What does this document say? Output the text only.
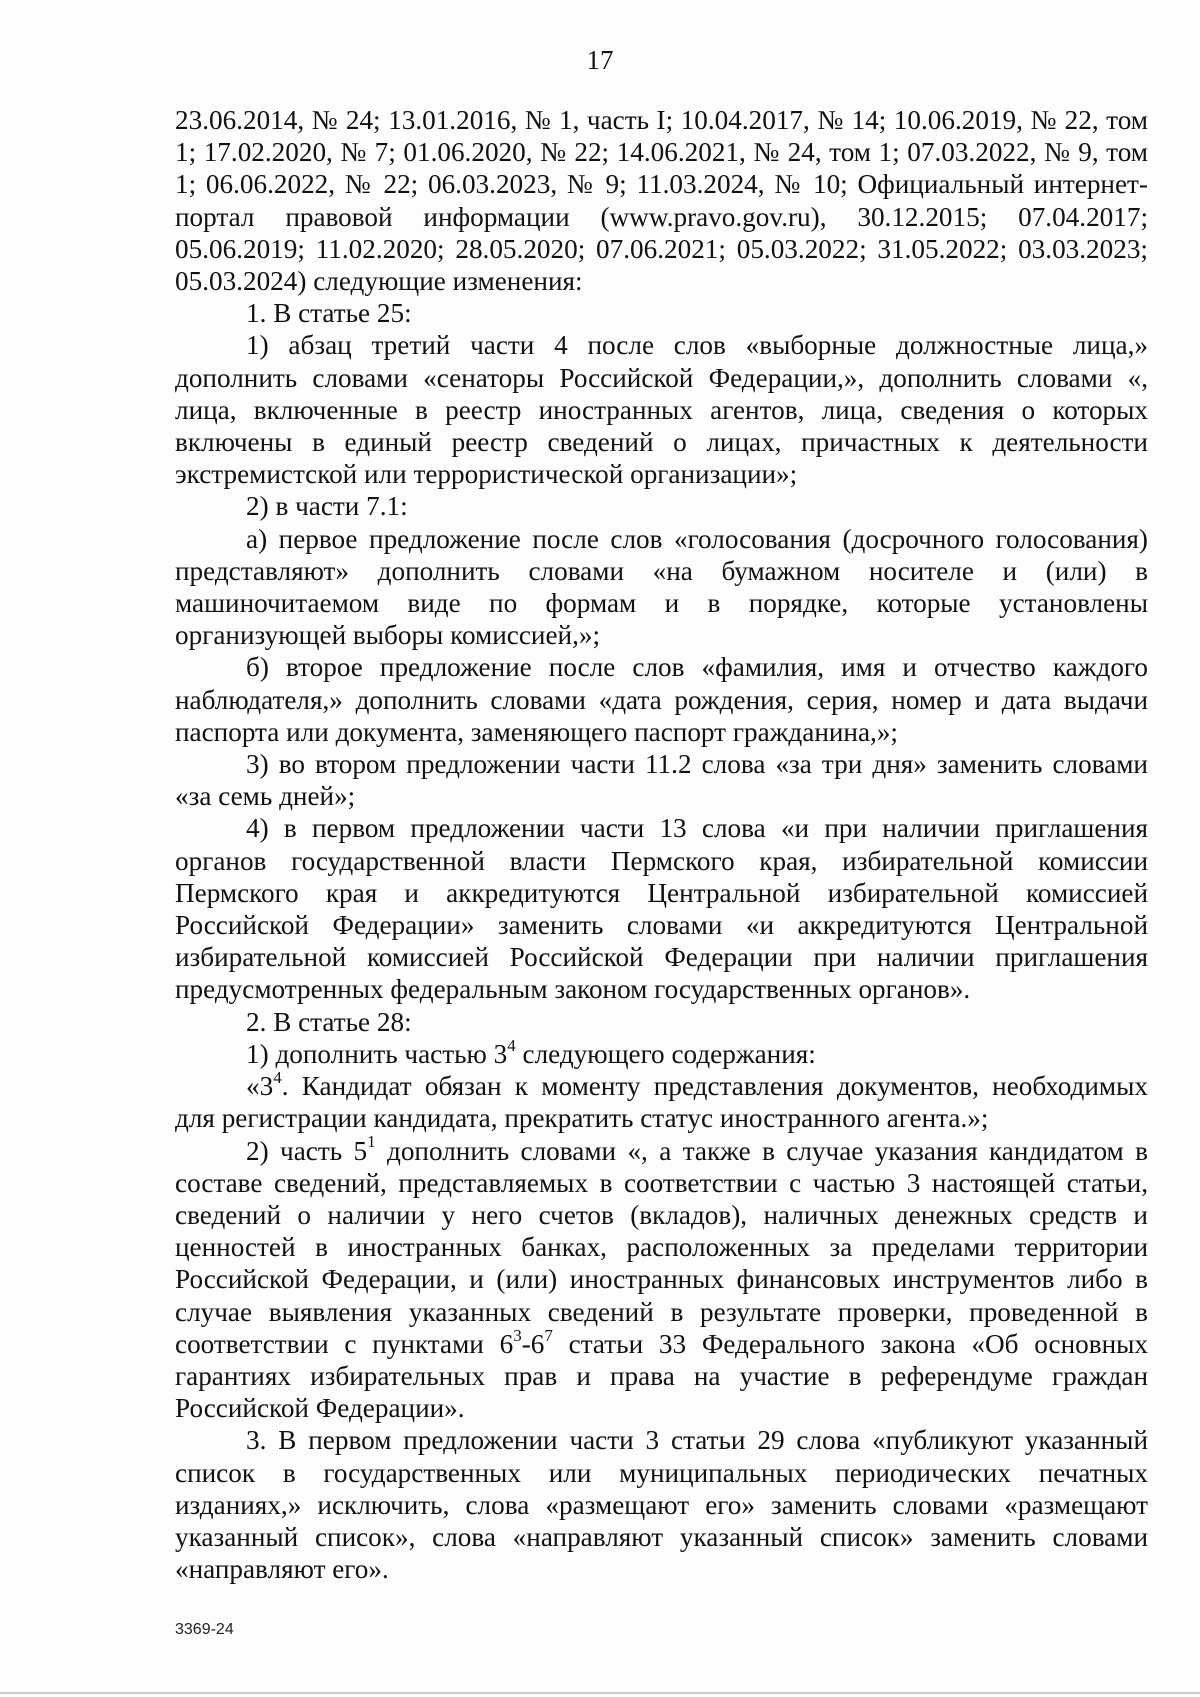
17

23.06.2014, № 24; 13.01.2016, № 1, часть I; 10.04.2017, № 14; 10.06.2019, № 22, том 1; 17.02.2020, № 7; 01.06.2020, № 22; 14.06.2021, № 24, том 1; 07.03.2022, № 9, том 1; 06.06.2022, № 22; 06.03.2023, № 9; 11.03.2024, № 10; Официальный интернет-портал правовой информации (www.pravo.gov.ru), 30.12.2015; 07.04.2017; 05.06.2019; 11.02.2020; 28.05.2020; 07.06.2021; 05.03.2022; 31.05.2022; 03.03.2023; 05.03.2024) следующие изменения:

1. В статье 25:

1) абзац третий части 4 после слов «выборные должностные лица,» дополнить словами «сенаторы Российской Федерации,», дополнить словами «, лица, включенные в реестр иностранных агентов, лица, сведения о которых включены в единый реестр сведений о лицах, причастных к деятельности экстремистской или террористической организации»;

2) в части 7.1:

а) первое предложение после слов «голосования (досрочного голосования) представляют» дополнить словами «на бумажном носителе и (или) в машиночитаемом виде по формам и в порядке, которые установлены организующей выборы комиссией,»;

б) второе предложение после слов «фамилия, имя и отчество каждого наблюдателя,» дополнить словами «дата рождения, серия, номер и дата выдачи паспорта или документа, заменяющего паспорт гражданина,»;

3) во втором предложении части 11.2 слова «за три дня» заменить словами «за семь дней»;

4) в первом предложении части 13 слова «и при наличии приглашения органов государственной власти Пермского края, избирательной комиссии Пермского края и аккредитуются Центральной избирательной комиссией Российской Федерации» заменить словами «и аккредитуются Центральной избирательной комиссией Российской Федерации при наличии приглашения предусмотренных федеральным законом государственных органов».

2. В статье 28:

1) дополнить частью $3^4$ следующего содержания:

«$3^4$. Кандидат обязан к моменту представления документов, необходимых для регистрации кандидата, прекратить статус иностранного агента.»;

2) часть $5^1$ дополнить словами «, а также в случае указания кандидатом в составе сведений, представляемых в соответствии с частью 3 настоящей статьи, сведений о наличии у него счетов (вкладов), наличных денежных средств и ценностей в иностранных банках, расположенных за пределами территории Российской Федерации, и (или) иностранных финансовых инструментов либо в случае выявления указанных сведений в результате проверки, проведенной в соответствии с пунктами $6^3-6^7$ статьи 33 Федерального закона «Об основных гарантиях избирательных прав и права на участие в референдуме граждан Российской Федерации».

3. В первом предложении части 3 статьи 29 слова «публикуют указанный список в государственных или муниципальных периодических печатных изданиях,» исключить, слова «размещают его» заменить словами «размещают указанный список», слова «направляют указанный список» заменить словами «направляют его».

3369-24
